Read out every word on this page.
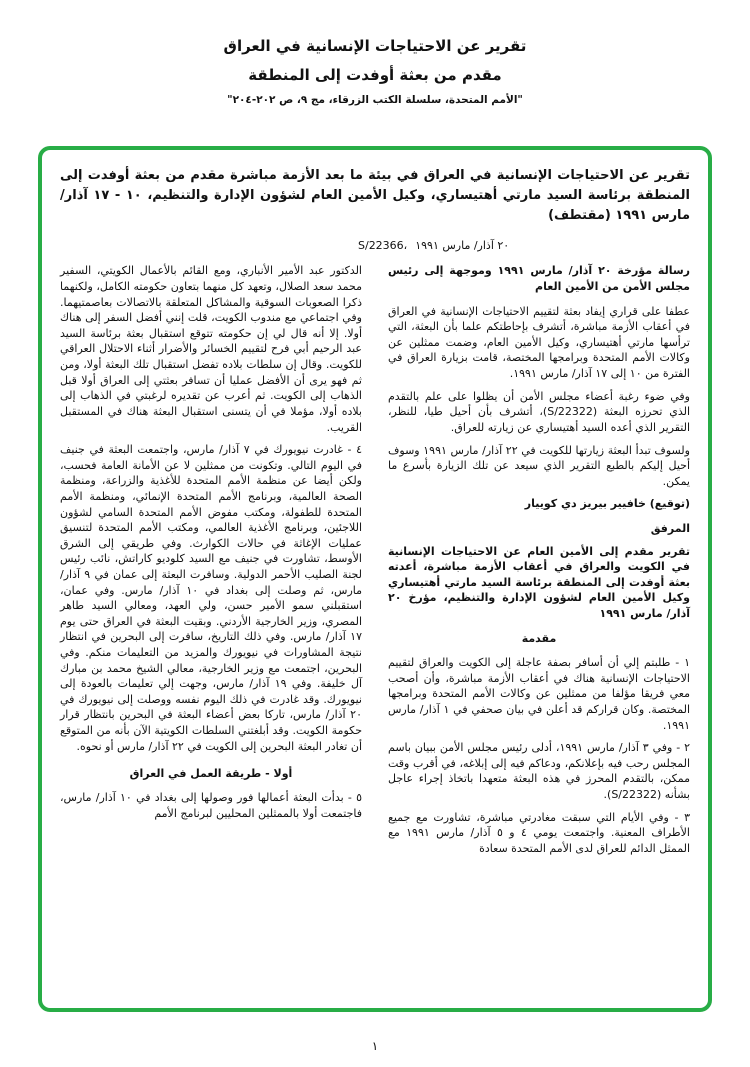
تقرير عن الاحتياجات الإنسانية في العراق
مقدم من بعثة أوفدت إلى المنطقة
"الأمم المتحدة، سلسلة الكتب الزرقاء، مج ٩، ص ٢٠٢-٢٠٤"

تقرير عن الاحتياجات الإنسانية في العراق في بيئة ما بعد الأزمة مباشرة مقدم من بعثة أوفدت إلى المنطقة برئاسة السيد مارتي أهتيساري، وكيل الأمين العام لشؤون الإدارة والتنظيم، ١٠ - ١٧ آذار/ مارس ١٩٩١ (مقتطف)

S/22366، ٢٠ آذار/ مارس ١٩٩١

رسالة مؤرخة ٢٠ آذار/ مارس ١٩٩١ وموجهة إلى رئيس مجلس الأمن من الأمين العام

عطفا على قراري إيفاد بعثة لتقييم الاحتياجات الإنسانية في العراق في أعقاب الأزمة مباشرة، أتشرف بإحاطتكم علما بأن البعثة، التي ترأسها مارتي أهتيساري، وكيل الأمين العام، وضمت ممثلين عن وكالات الأمم المتحدة وبرامجها المختصة، قامت بزيارة العراق في الفترة من ١٠ إلى ١٧ آذار/ مارس ١٩٩١.

وفي ضوء رغبة أعضاء مجلس الأمن أن يظلوا على علم بالتقدم الذي تحرزه البعثة (S/22322)، أتشرف بأن أحيل طيا، للنظر، التقرير الذي أعده السيد أهتيساري عن زيارته للعراق.

ولسوف تبدأ البعثة زيارتها للكويت في ٢٢ آذار/ مارس ١٩٩١ وسوف أحيل إليكم بالطبع التقرير الذي سيعد عن تلك الزيارة بأسرع ما يمكن.

(توقيع) خافيير بيريز دي كوييار

المرفق

تقرير مقدم إلى الأمين العام عن الاحتياجات الإنسانية في الكويت والعراق في أعقاب الأزمة مباشرة، أعدته بعثة أوفدت إلى المنطقة برئاسة السيد مارتي أهتيساري وكيل الأمين العام لشؤون الإدارة والتنظيم، مؤرخ ٢٠ آذار/ مارس ١٩٩١

مقدمة

١ - طلبتم إلي أن أسافر بصفة عاجلة إلى الكويت والعراق لتقييم الاحتياجات الإنسانية هناك في أعقاب الأزمة مباشرة، وأن أصحب معي فريقا مؤلفا من ممثلين عن وكالات الأمم المتحدة وبرامجها المختصة. وكان قراركم قد أعلن في بيان صحفي في ١ آذار/ مارس ١٩٩١.

٢ - وفي ٣ آذار/ مارس ١٩٩١، أدلى رئيس مجلس الأمن ببيان باسم المجلس رحب فيه بإعلانكم، ودعاكم فيه إلى إبلاغه، في أقرب وقت ممكن، بالتقدم المحرز في هذه البعثة متعهدا باتخاذ إجراء عاجل بشأنه (S/22322).

٣ - وفي الأيام التي سبقت مغادرتي مباشرة، تشاورت مع جميع الأطراف المعنية. واجتمعت يومي ٤ و ٥ آذار/ مارس ١٩٩١ مع الممثل الدائم للعراق لدى الأمم المتحدة سعادة

الدكتور عبد الأمير الأنباري، ومع القائم بالأعمال الكويتي، السفير محمد سعد الصلال، وتعهد كل منهما بتعاون حكومته الكامل، ولكنهما ذكرا الصعوبات السوقية والمشاكل المتعلقة بالاتصالات بعاصمتيهما. وفي اجتماعي مع مندوب الكويت، قلت إنني أفضل السفر إلى هناك أولا. إلا أنه قال لي إن حكومته تتوقع استقبال بعثة برئاسة السيد عبد الرحيم أبي فرح لتقييم الخسائر والأضرار أثناء الاحتلال العراقي للكويت. وقال إن سلطات بلاده تفضل استقبال تلك البعثة أولا، ومن ثم فهو يرى أن الأفضل عمليا أن تسافر بعثتي إلى العراق أولا قبل الذهاب إلى الكويت. ثم أعرب عن تقديره لرغبتي في الذهاب إلى بلاده أولا، مؤملا في أن يتسنى استقبال البعثة هناك في المستقبل القريب.

٤ - غادرت نيويورك في ٧ آذار/ مارس، واجتمعت البعثة في جنيف في اليوم التالي. وتكونت من ممثلين لا عن الأمانة العامة فحسب، ولكن أيضا عن منظمة الأمم المتحدة للأغذية والزراعة، ومنظمة الصحة العالمية، وبرنامج الأمم المتحدة الإنمائي، ومنظمة الأمم المتحدة للطفولة، ومكتب مفوض الأمم المتحدة السامي لشؤون اللاجئين، وبرنامج الأغذية العالمي، ومكتب الأمم المتحدة لتنسيق عمليات الإغاثة في حالات الكوارث. وفي طريقي إلى الشرق الأوسط، تشاورت في جنيف مع السيد كلوديو كاراتش، نائب رئيس لجنة الصليب الأحمر الدولية. وسافرت البعثة إلى عمان في ٩ آذار/ مارس، ثم وصلت إلى بغداد في ١٠ آذار/ مارس. وفي عمان، استقبلني سمو الأمير حسن، ولي العهد، ومعالي السيد طاهر المصري، وزير الخارجية الأردني. وبقيت البعثة في العراق حتى يوم ١٧ آذار/ مارس. وفي ذلك التاريخ، سافرت إلى البحرين في انتظار نتيجة المشاورات في نيويورك والمزيد من التعليمات منكم. وفي البحرين، اجتمعت مع وزير الخارجية، معالي الشيخ محمد بن مبارك آل خليفة. وفي ١٩ آذار/ مارس، وجهت إلي تعليمات بالعودة إلى نيويورك. وقد غادرت في ذلك اليوم نفسه ووصلت إلى نيويورك في ٢٠ آذار/ مارس، تاركا بعض أعضاء البعثة في البحرين بانتظار قرار حكومة الكويت. وقد أبلغتني السلطات الكويتية الآن بأنه من المتوقع أن تغادر البعثة البحرين إلى الكويت في ٢٢ آذار/ مارس أو نحوه.

أولا - طريقة العمل في العراق

٥ - بدأت البعثة أعمالها فور وصولها إلى بغداد في ١٠ آذار/ مارس، فاجتمعت أولا بالممثلين المحليين لبرنامج الأمم

١
